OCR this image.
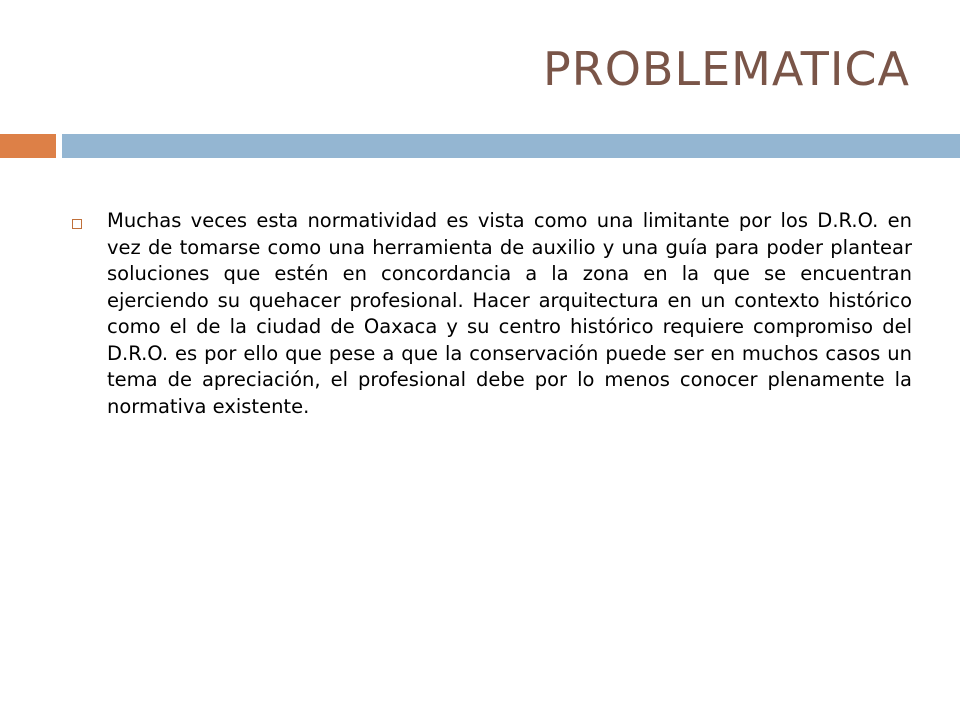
PROBLEMATICA

Muchas veces esta normatividad es vista como una limitante por los D.R.O. en vez de tomarse como una herramienta de auxilio y una guía para poder plantear soluciones que estén en concordancia a la zona en la que se encuentran ejerciendo su quehacer profesional. Hacer arquitectura en un contexto histórico como el de la ciudad de Oaxaca y su centro histórico requiere compromiso del D.R.O. es por ello que pese a que la conservación puede ser en muchos casos un tema de apreciación, el profesional debe por lo menos conocer plenamente la normativa existente.
